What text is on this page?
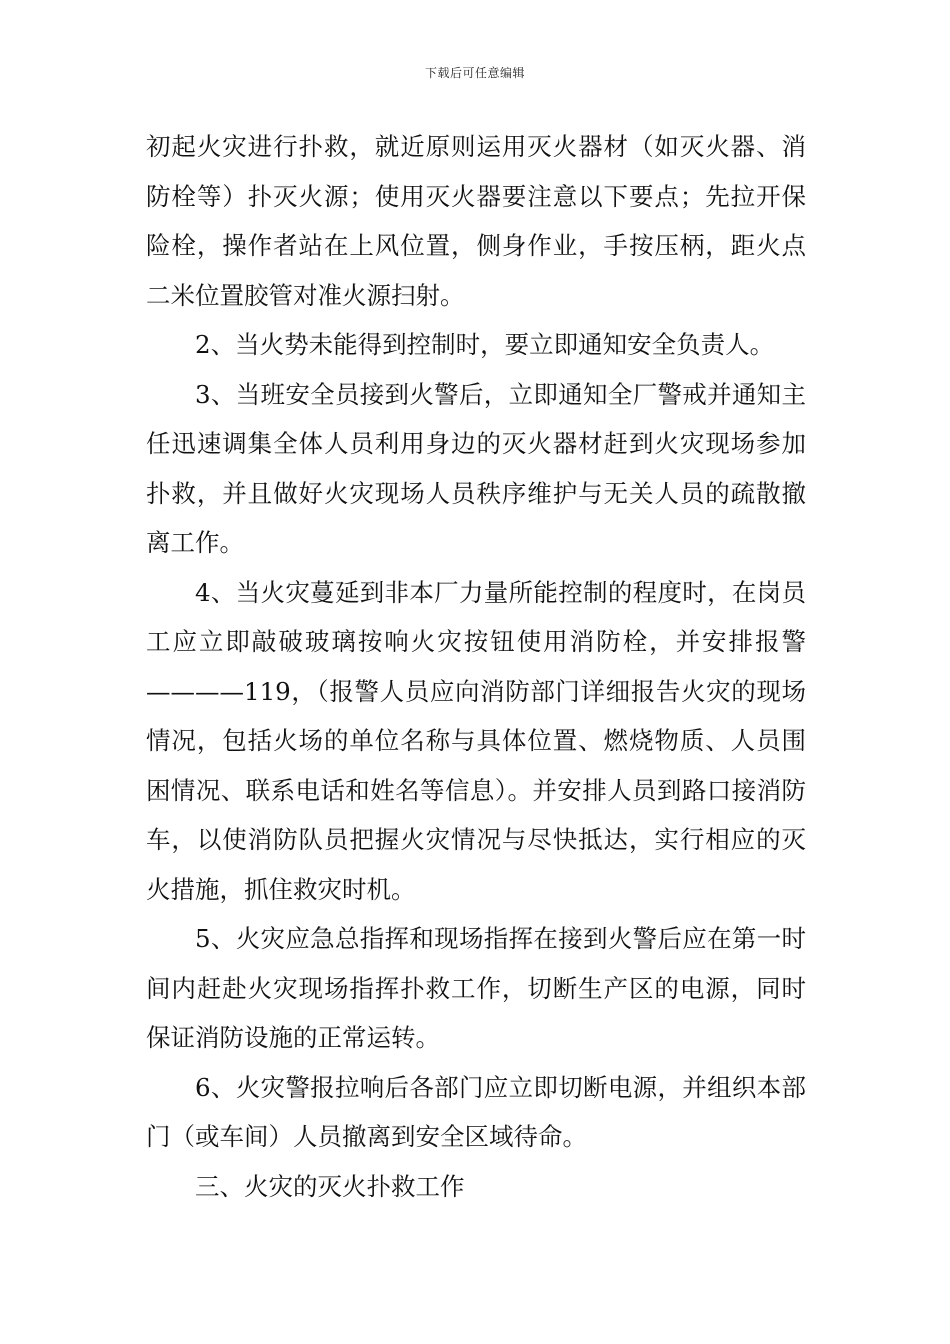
下载后可任意编辑

初起火灾进行扑救，就近原则运用灭火器材（如灭火器、消防栓等）扑灭火源；使用灭火器要注意以下要点；先拉开保险栓，操作者站在上风位置，侧身作业，手按压柄，距火点二米位置胶管对准火源扫射。

2、当火势未能得到控制时，要立即通知安全负责人。

3、当班安全员接到火警后，立即通知全厂警戒并通知主任迅速调集全体人员利用身边的灭火器材赶到火灾现场参加扑救，并且做好火灾现场人员秩序维护与无关人员的疏散撤离工作。

4、当火灾蔓延到非本厂力量所能控制的程度时，在岗员工应立即敲破玻璃按响火灾按钮使用消防栓，并安排报警————119，（报警人员应向消防部门详细报告火灾的现场情况，包括火场的单位名称与具体位置、燃烧物质、人员围困情况、联系电话和姓名等信息）。并安排人员到路口接消防车，以使消防队员把握火灾情况与尽快抵达，实行相应的灭火措施，抓住救灾时机。

5、火灾应急总指挥和现场指挥在接到火警后应在第一时间内赶赴火灾现场指挥扑救工作，切断生产区的电源，同时保证消防设施的正常运转。

6、火灾警报拉响后各部门应立即切断电源，并组织本部门（或车间）人员撤离到安全区域待命。

三、火灾的灭火扑救工作
